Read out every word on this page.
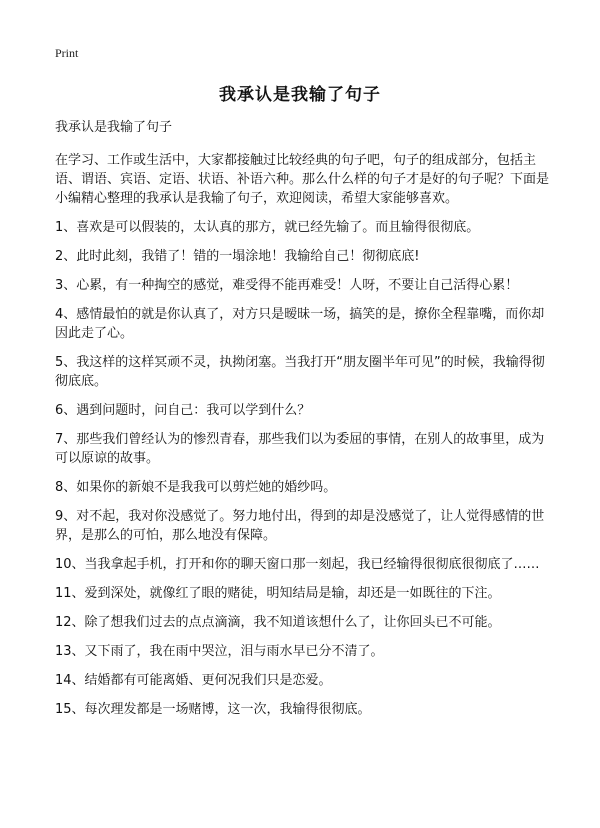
Print
我承认是我输了句子

我承认是我输了句子

在学习、工作或生活中，大家都接触过比较经典的句子吧，句子的组成部分，包括主语、谓语、宾语、定语、状语、补语六种。那么什么样的句子才是好的句子呢？下面是小编精心整理的我承认是我输了句子，欢迎阅读，希望大家能够喜欢。

1、喜欢是可以假装的，太认真的那方，就已经先输了。而且输得很彻底。

2、此时此刻，我错了！错的一塌涂地！我输给自己！彻彻底底!

3、心累，有一种掏空的感觉，难受得不能再难受！人呀，不要让自己活得心累！

4、感情最怕的就是你认真了，对方只是暧昧一场，搞笑的是，撩你全程靠嘴，而你却因此走了心。

5、我这样的这样冥顽不灵，执拗闭塞。当我打开“朋友圈半年可见”的时候，我输得彻彻底底。

6、遇到问题时，问自己：我可以学到什么？

7、那些我们曾经认为的惨烈青春，那些我们以为委屈的事情，在别人的故事里，成为可以原谅的故事。

8、如果你的新娘不是我我可以剪烂她的婚纱吗。

9、对不起，我对你没感觉了。努力地付出，得到的却是没感觉了，让人觉得感情的世界，是那么的可怕，那么地没有保障。

10、当我拿起手机，打开和你的聊天窗口那一刻起，我已经输得很彻底很彻底了……

11、爱到深处，就像红了眼的赌徒，明知结局是输，却还是一如既往的下注。

12、除了想我们过去的点点滴滴，我不知道该想什么了，让你回头已不可能。

13、又下雨了，我在雨中哭泣，泪与雨水早已分不清了。

14、结婚都有可能离婚、更何况我们只是恋爱。

15、每次理发都是一场赌博，这一次，我输得很彻底。
